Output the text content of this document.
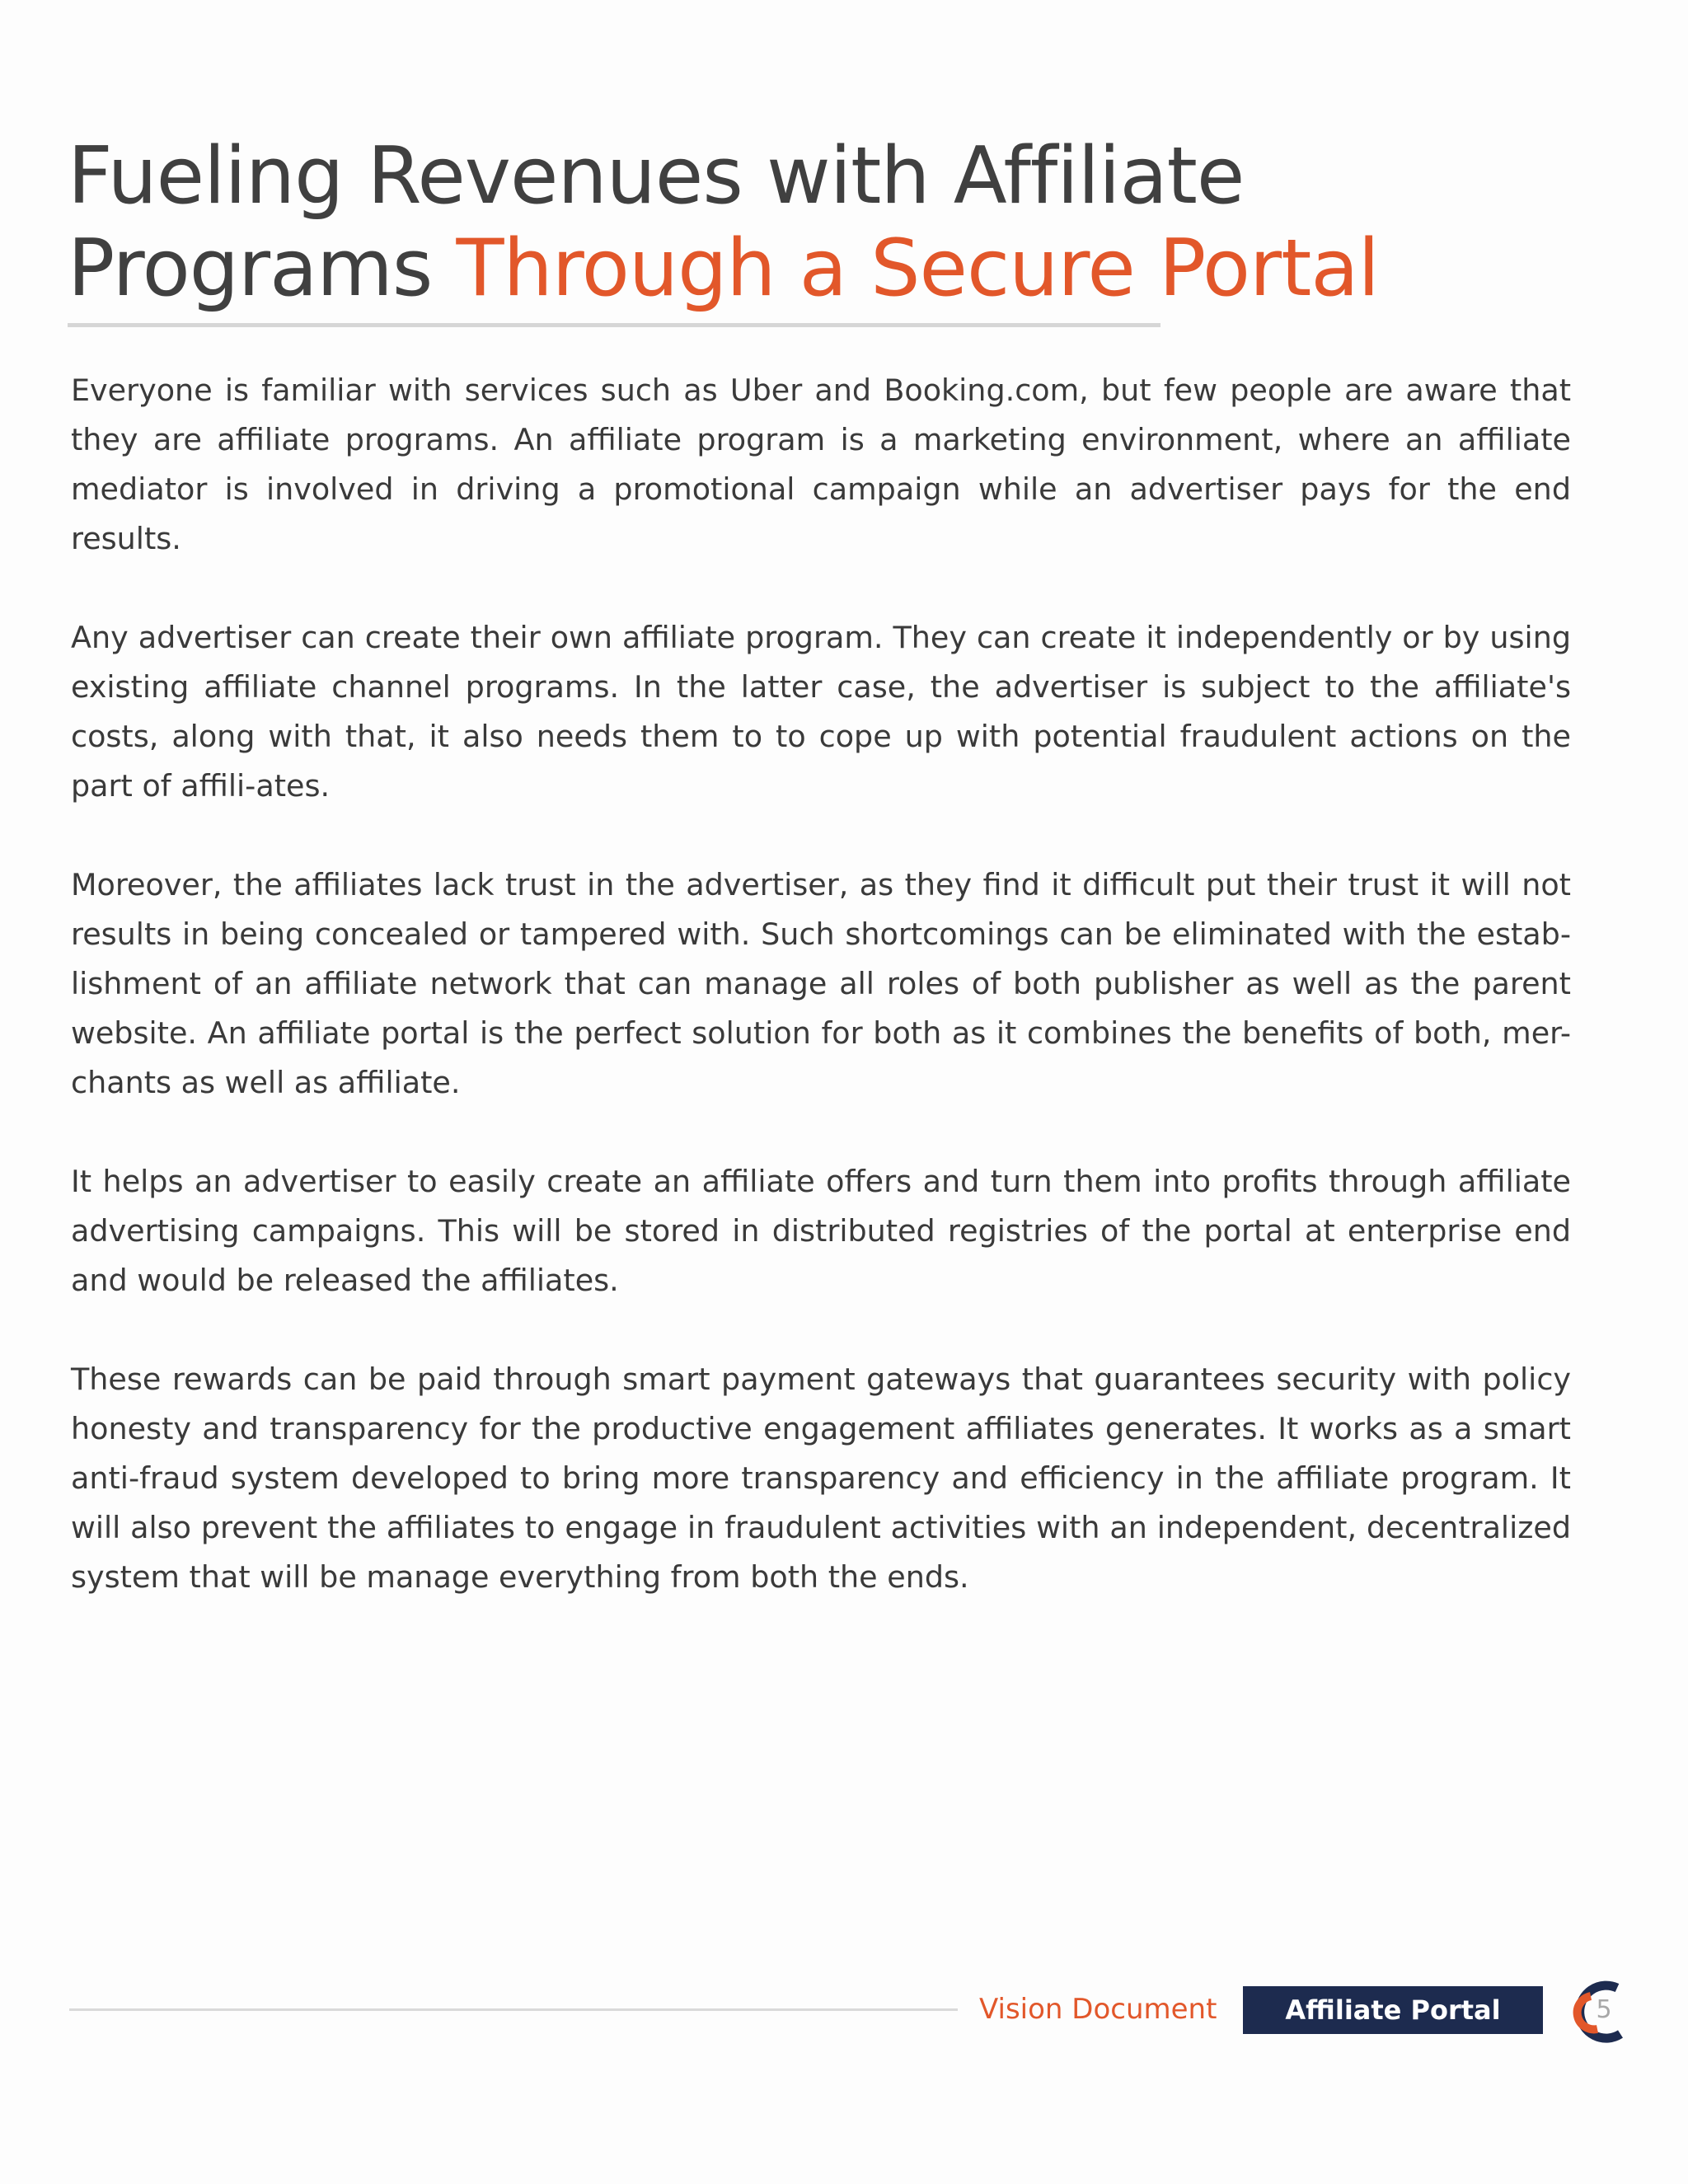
Fueling Revenues with Affiliate
Programs Through a Secure Portal

Everyone is familiar with services such as Uber and Booking.com, but few people are aware that they are affiliate programs. An affiliate program is a marketing environment, where an affiliate mediator is involved in driving a promotional campaign while an advertiser pays for the end results.

Any advertiser can create their own affiliate program. They can create it independently or by using existing affiliate channel programs. In the latter case, the advertiser is subject to the affiliate's costs, along with that, it also needs them to to cope up with potential fraudulent actions on the part of affili-ates.

Moreover, the affiliates lack trust in the advertiser, as they find it difficult put their trust it will not results in being concealed or tampered with. Such shortcomings can be eliminated with the estab-lishment of an affiliate network that can manage all roles of both publisher as well as the parent website. An affiliate portal is the perfect solution for both as it combines the benefits of both, mer-chants as well as affiliate.

It helps an advertiser to easily create an affiliate offers and turn them into profits through affiliate advertising campaigns. This will be stored in distributed registries of the portal at enterprise end and would be released the affiliates.

These rewards can be paid through smart payment gateways that guarantees security with policy honesty and transparency for the productive engagement affiliates generates. It works as a smart anti-fraud system developed to bring more transparency and efficiency in the affiliate program. It will also prevent the affiliates to engage in fraudulent activities with an independent, decentralized system that will be manage everything from both the ends.

Vision Document	Affiliate Portal	5
